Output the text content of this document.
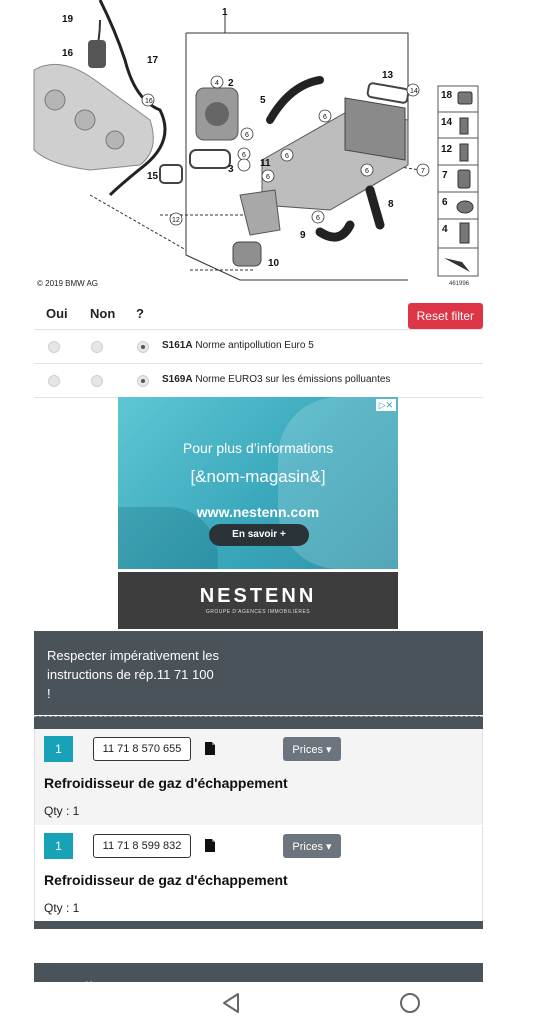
461996
19
16
17
1
2
5
13
18
14
12
7
6
4
11
3
15
8
9
10
16
4
6
6	6
6
6
6
12
7
6
14
© 2019 BMW AG
Oui Non ?	Reset filter
S161A Norme antipollution Euro 5
S169A Norme EURO3 sur les émissions polluantes
▷✕
Pour plus d’informations
[&nom-magasin&]
www.nestenn.com
En savoir +
NESTENN
GROUPE D’AGENCES IMMOBILIÈRES
Respecter impérativement les
instructions de rép.11 71 100
!
1	11 71 8 570 655	Prices ▾
Refroidisseur de gaz d'échappement
Qty : 1
1	11 71 8 599 832	Prices ▾
Refroidisseur de gaz d'échappement
Qty : 1
